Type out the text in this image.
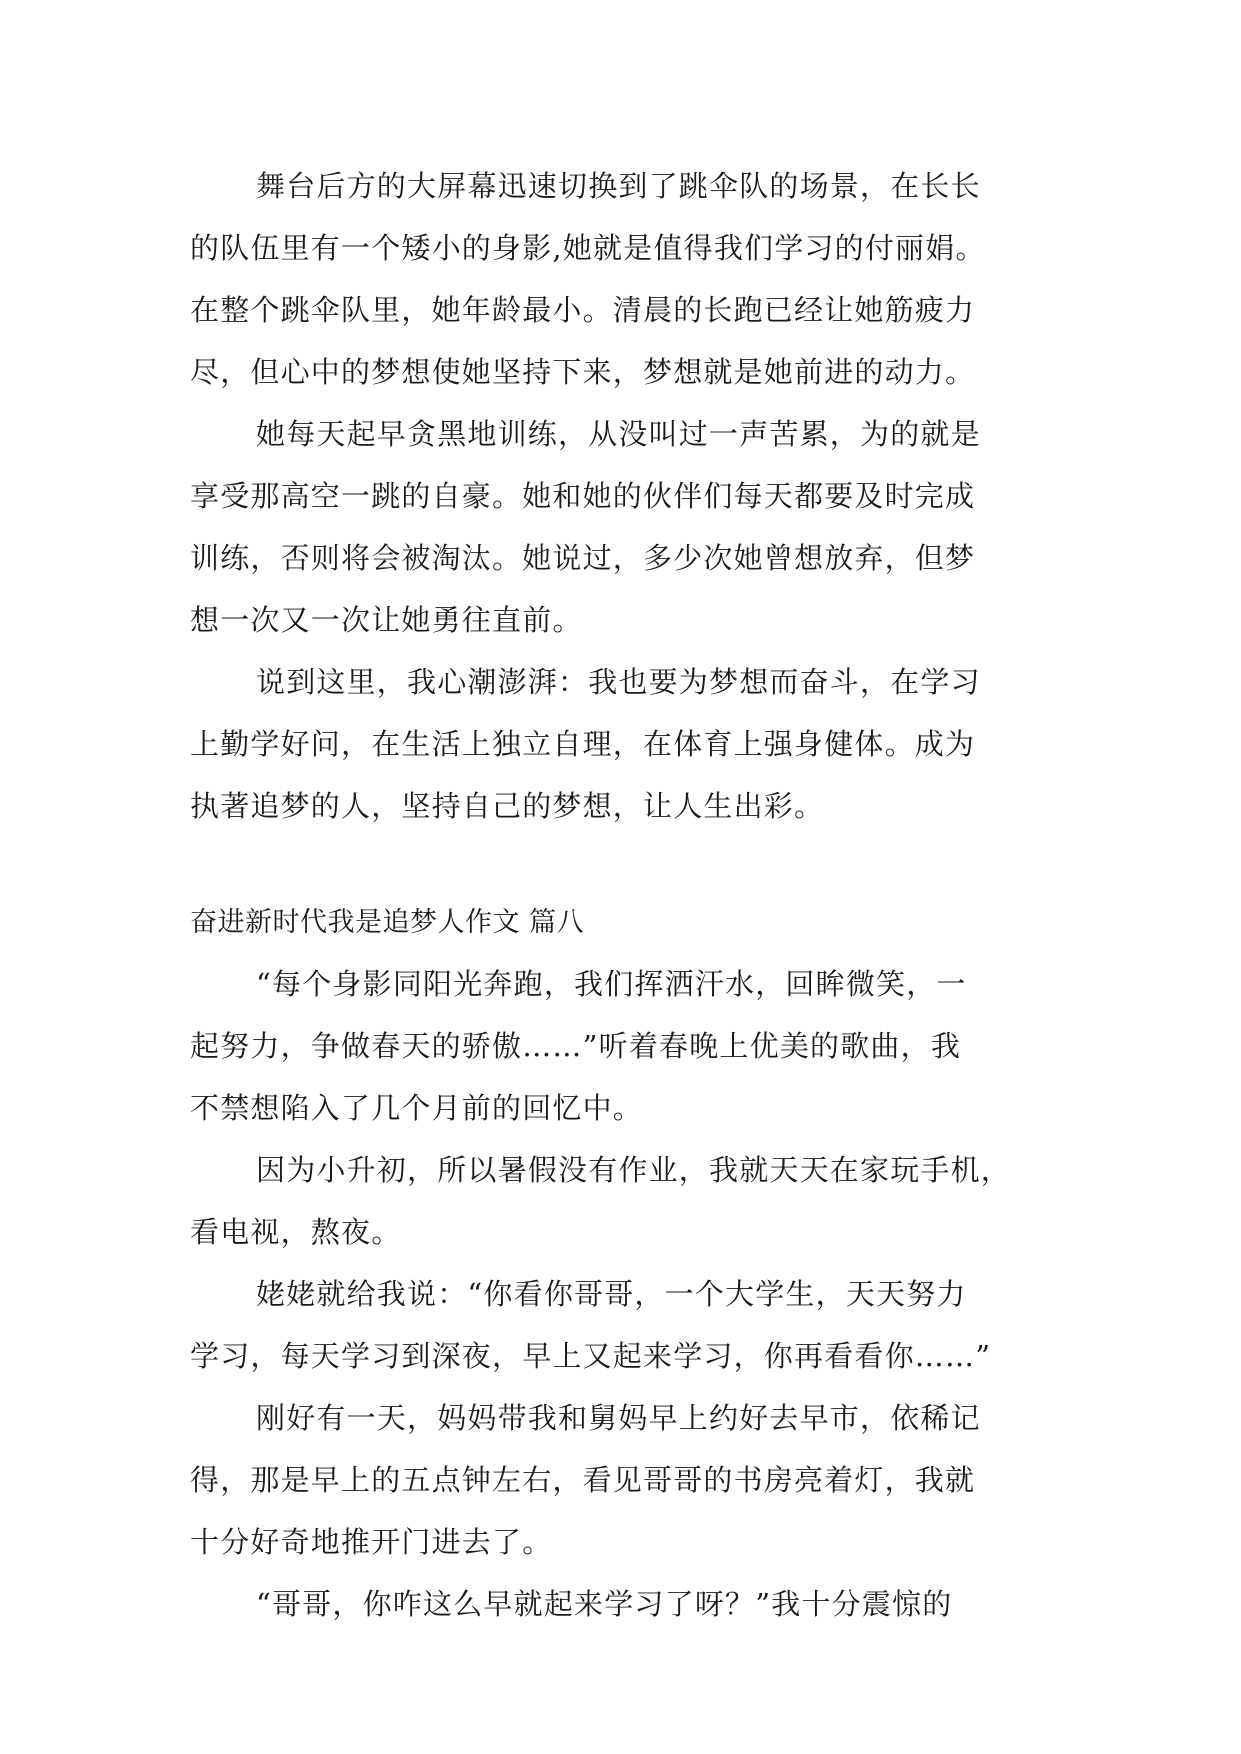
舞台后方的大屏幕迅速切换到了跳伞队的场景，在长长
的队伍里有一个矮小的身影,她就是值得我们学习的付丽娟。
在整个跳伞队里，她年龄最小。清晨的长跑已经让她筋疲力
尽，但心中的梦想使她坚持下来，梦想就是她前进的动力。
她每天起早贪黑地训练，从没叫过一声苦累，为的就是
享受那高空一跳的自豪。她和她的伙伴们每天都要及时完成
训练，否则将会被淘汰。她说过，多少次她曾想放弃，但梦
想一次又一次让她勇往直前。
说到这里，我心潮澎湃：我也要为梦想而奋斗，在学习
上勤学好问，在生活上独立自理，在体育上强身健体。成为
执著追梦的人，坚持自己的梦想，让人生出彩。
奋进新时代我是追梦人作文 篇八
“每个身影同阳光奔跑，我们挥洒汗水，回眸微笑，一
起努力，争做春天的骄傲……”听着春晚上优美的歌曲，我
不禁想陷入了几个月前的回忆中。
因为小升初，所以暑假没有作业，我就天天在家玩手机，
看电视，熬夜。
姥姥就给我说：“你看你哥哥，一个大学生，天天努力
学习，每天学习到深夜，早上又起来学习，你再看看你……”
刚好有一天，妈妈带我和舅妈早上约好去早市，依稀记
得，那是早上的五点钟左右，看见哥哥的书房亮着灯，我就
十分好奇地推开门进去了。
“哥哥，你咋这么早就起来学习了呀？”我十分震惊的
